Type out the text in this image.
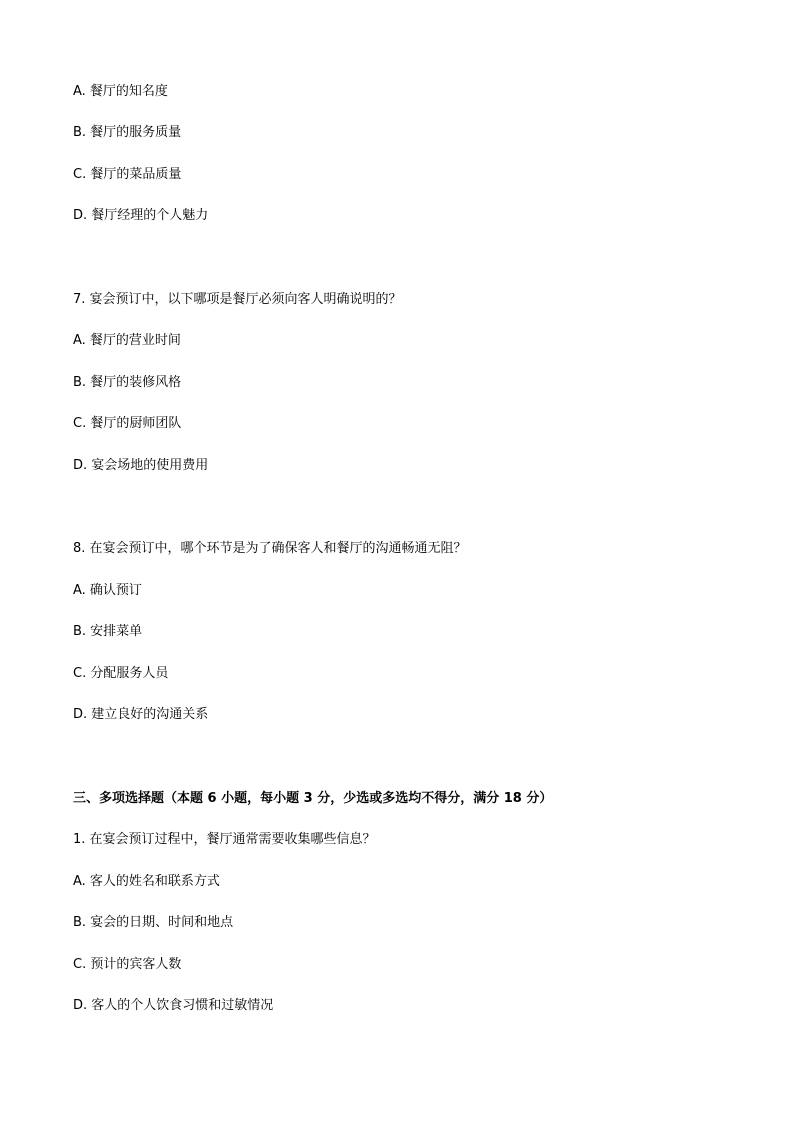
A. 餐厅的知名度
B. 餐厅的服务质量
C. 餐厅的菜品质量
D. 餐厅经理的个人魅力
7. 宴会预订中，以下哪项是餐厅必须向客人明确说明的？
A. 餐厅的营业时间
B. 餐厅的装修风格
C. 餐厅的厨师团队
D. 宴会场地的使用费用
8. 在宴会预订中，哪个环节是为了确保客人和餐厅的沟通畅通无阻？
A. 确认预订
B. 安排菜单
C. 分配服务人员
D. 建立良好的沟通关系
三、多项选择题（本题 6 小题，每小题 3 分，少选或多选均不得分，满分 18 分）
1. 在宴会预订过程中，餐厅通常需要收集哪些信息？
A. 客人的姓名和联系方式
B. 宴会的日期、时间和地点
C. 预计的宾客人数
D. 客人的个人饮食习惯和过敏情况
